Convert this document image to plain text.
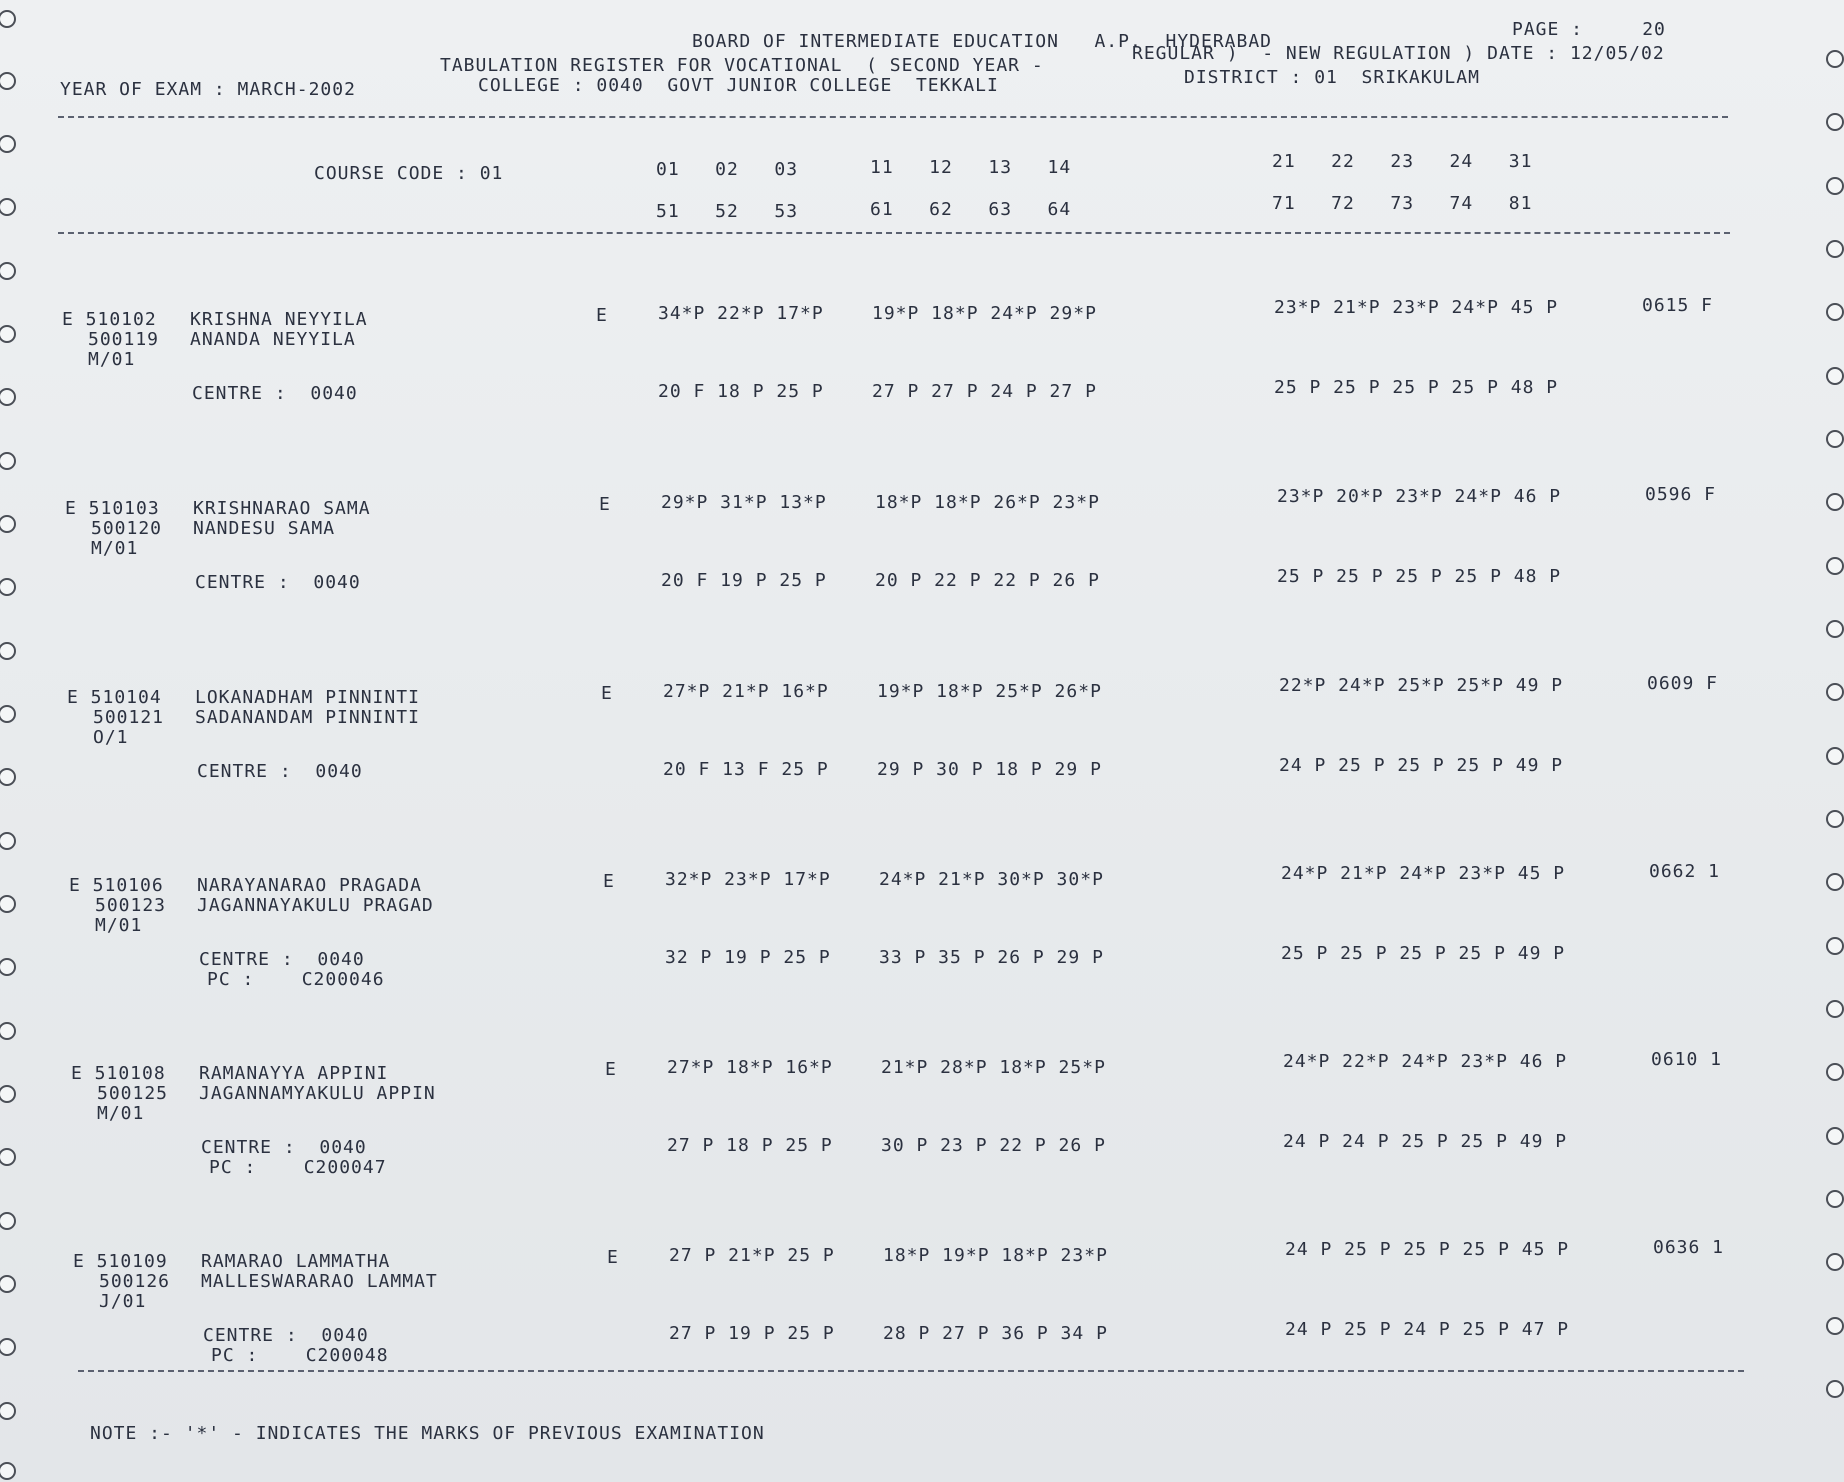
BOARD OF INTERMEDIATE EDUCATION   A.P.  HYDERABAD
PAGE :     20
TABULATION REGISTER FOR VOCATIONAL  ( SECOND YEAR -
REGULAR )  - NEW REGULATION ) DATE : 12/05/02
YEAR OF EXAM : MARCH-2002	COLLEGE : 0040  GOVT JUNIOR COLLEGE  TEKKALI	DISTRICT : 01  SRIKAKULAM
COURSE CODE : 01	01   02   03	11   12   13   14	21   22   23   24   31
51   52   53	61   62   63   64	71   72   73   74   81
E 510102
500119
M/01
KRISHNA NEYYILA
ANANDA NEYYILA
E	34*P 22*P 17*P	19*P 18*P 24*P 29*P	23*P 21*P 23*P 24*P 45 P	0615 F
CENTRE :  0040	20 F 18 P 25 P	27 P 27 P 24 P 27 P	25 P 25 P 25 P 25 P 48 P
E 510103
500120
M/01
KRISHNARAO SAMA
NANDESU SAMA
E	29*P 31*P 13*P	18*P 18*P 26*P 23*P	23*P 20*P 23*P 24*P 46 P	0596 F
CENTRE :  0040	20 F 19 P 25 P	20 P 22 P 22 P 26 P	25 P 25 P 25 P 25 P 48 P
E 510104
500121
O/1
LOKANADHAM PINNINTI
SADANANDAM PINNINTI
E	27*P 21*P 16*P	19*P 18*P 25*P 26*P	22*P 24*P 25*P 25*P 49 P	0609 F
CENTRE :  0040	20 F 13 F 25 P	29 P 30 P 18 P 29 P	24 P 25 P 25 P 25 P 49 P
E 510106
500123
M/01
NARAYANARAO PRAGADA
JAGANNAYAKULU PRAGAD
E	32*P 23*P 17*P	24*P 21*P 30*P 30*P	24*P 21*P 24*P 23*P 45 P	0662 1
CENTRE :  0040
PC :    C200046
32 P 19 P 25 P	33 P 35 P 26 P 29 P	25 P 25 P 25 P 25 P 49 P
E 510108
500125
M/01
RAMANAYYA APPINI
JAGANNAMYAKULU APPIN
E	27*P 18*P 16*P	21*P 28*P 18*P 25*P	24*P 22*P 24*P 23*P 46 P	0610 1
CENTRE :  0040
PC :    C200047
27 P 18 P 25 P	30 P 23 P 22 P 26 P	24 P 24 P 25 P 25 P 49 P
E 510109
500126
J/01
RAMARAO LAMMATHA
MALLESWARARAO LAMMAT
E	27 P 21*P 25 P	18*P 19*P 18*P 23*P	24 P 25 P 25 P 25 P 45 P	0636 1
CENTRE :  0040
PC :    C200048
27 P 19 P 25 P	28 P 27 P 36 P 34 P	24 P 25 P 24 P 25 P 47 P
NOTE :- '*' - INDICATES THE MARKS OF PREVIOUS EXAMINATION
